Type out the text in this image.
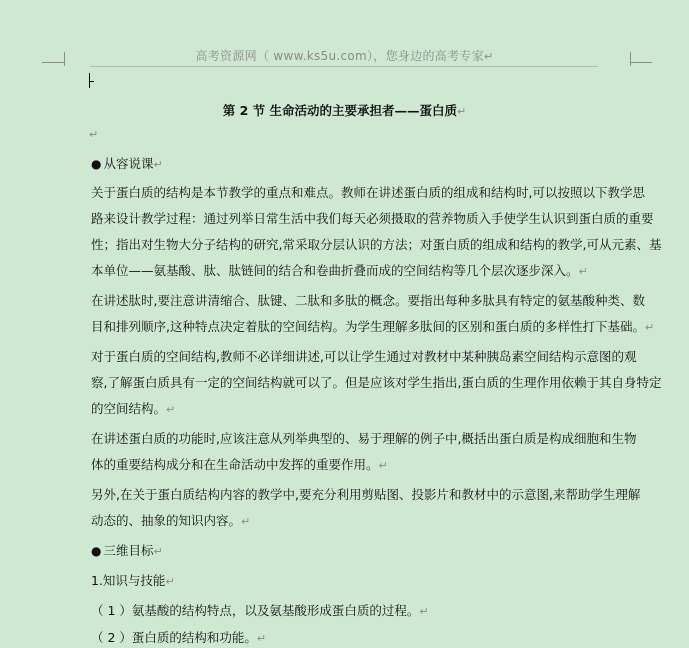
高考资源网（ www.ks5u.com），您身边的高考专家↵
第 2 节 生命活动的主要承担者——蛋白质↵
↵
● 从容说课↵
关于蛋白质的结构是本节教学的重点和难点。教师在讲述蛋白质的组成和结构时,可以按照以下教学思
路来设计教学过程：通过列举日常生活中我们每天必须摄取的营养物质入手使学生认识到蛋白质的重要
性；指出对生物大分子结构的研究,常采取分层认识的方法；对蛋白质的组成和结构的教学,可从元素、基
本单位——氨基酸、肽、肽链间的结合和卷曲折叠而成的空间结构等几个层次逐步深入。↵
在讲述肽时,要注意讲清缩合、肽键、二肽和多肽的概念。要指出每种多肽具有特定的氨基酸种类、数
目和排列顺序,这种特点决定着肽的空间结构。为学生理解多肽间的区别和蛋白质的多样性打下基础。↵
对于蛋白质的空间结构,教师不必详细讲述,可以让学生通过对教材中某种胰岛素空间结构示意图的观
察,了解蛋白质具有一定的空间结构就可以了。但是应该对学生指出,蛋白质的生理作用依赖于其自身特定
的空间结构。↵
在讲述蛋白质的功能时,应该注意从列举典型的、易于理解的例子中,概括出蛋白质是构成细胞和生物
体的重要结构成分和在生命活动中发挥的重要作用。↵
另外,在关于蛋白质结构内容的教学中,要充分利用剪贴图、投影片和教材中的示意图,来帮助学生理解
动态的、抽象的知识内容。↵
● 三维目标↵
1.知识与技能↵
（ 1 ）氨基酸的结构特点，以及氨基酸形成蛋白质的过程。↵
（ 2 ）蛋白质的结构和功能。↵
